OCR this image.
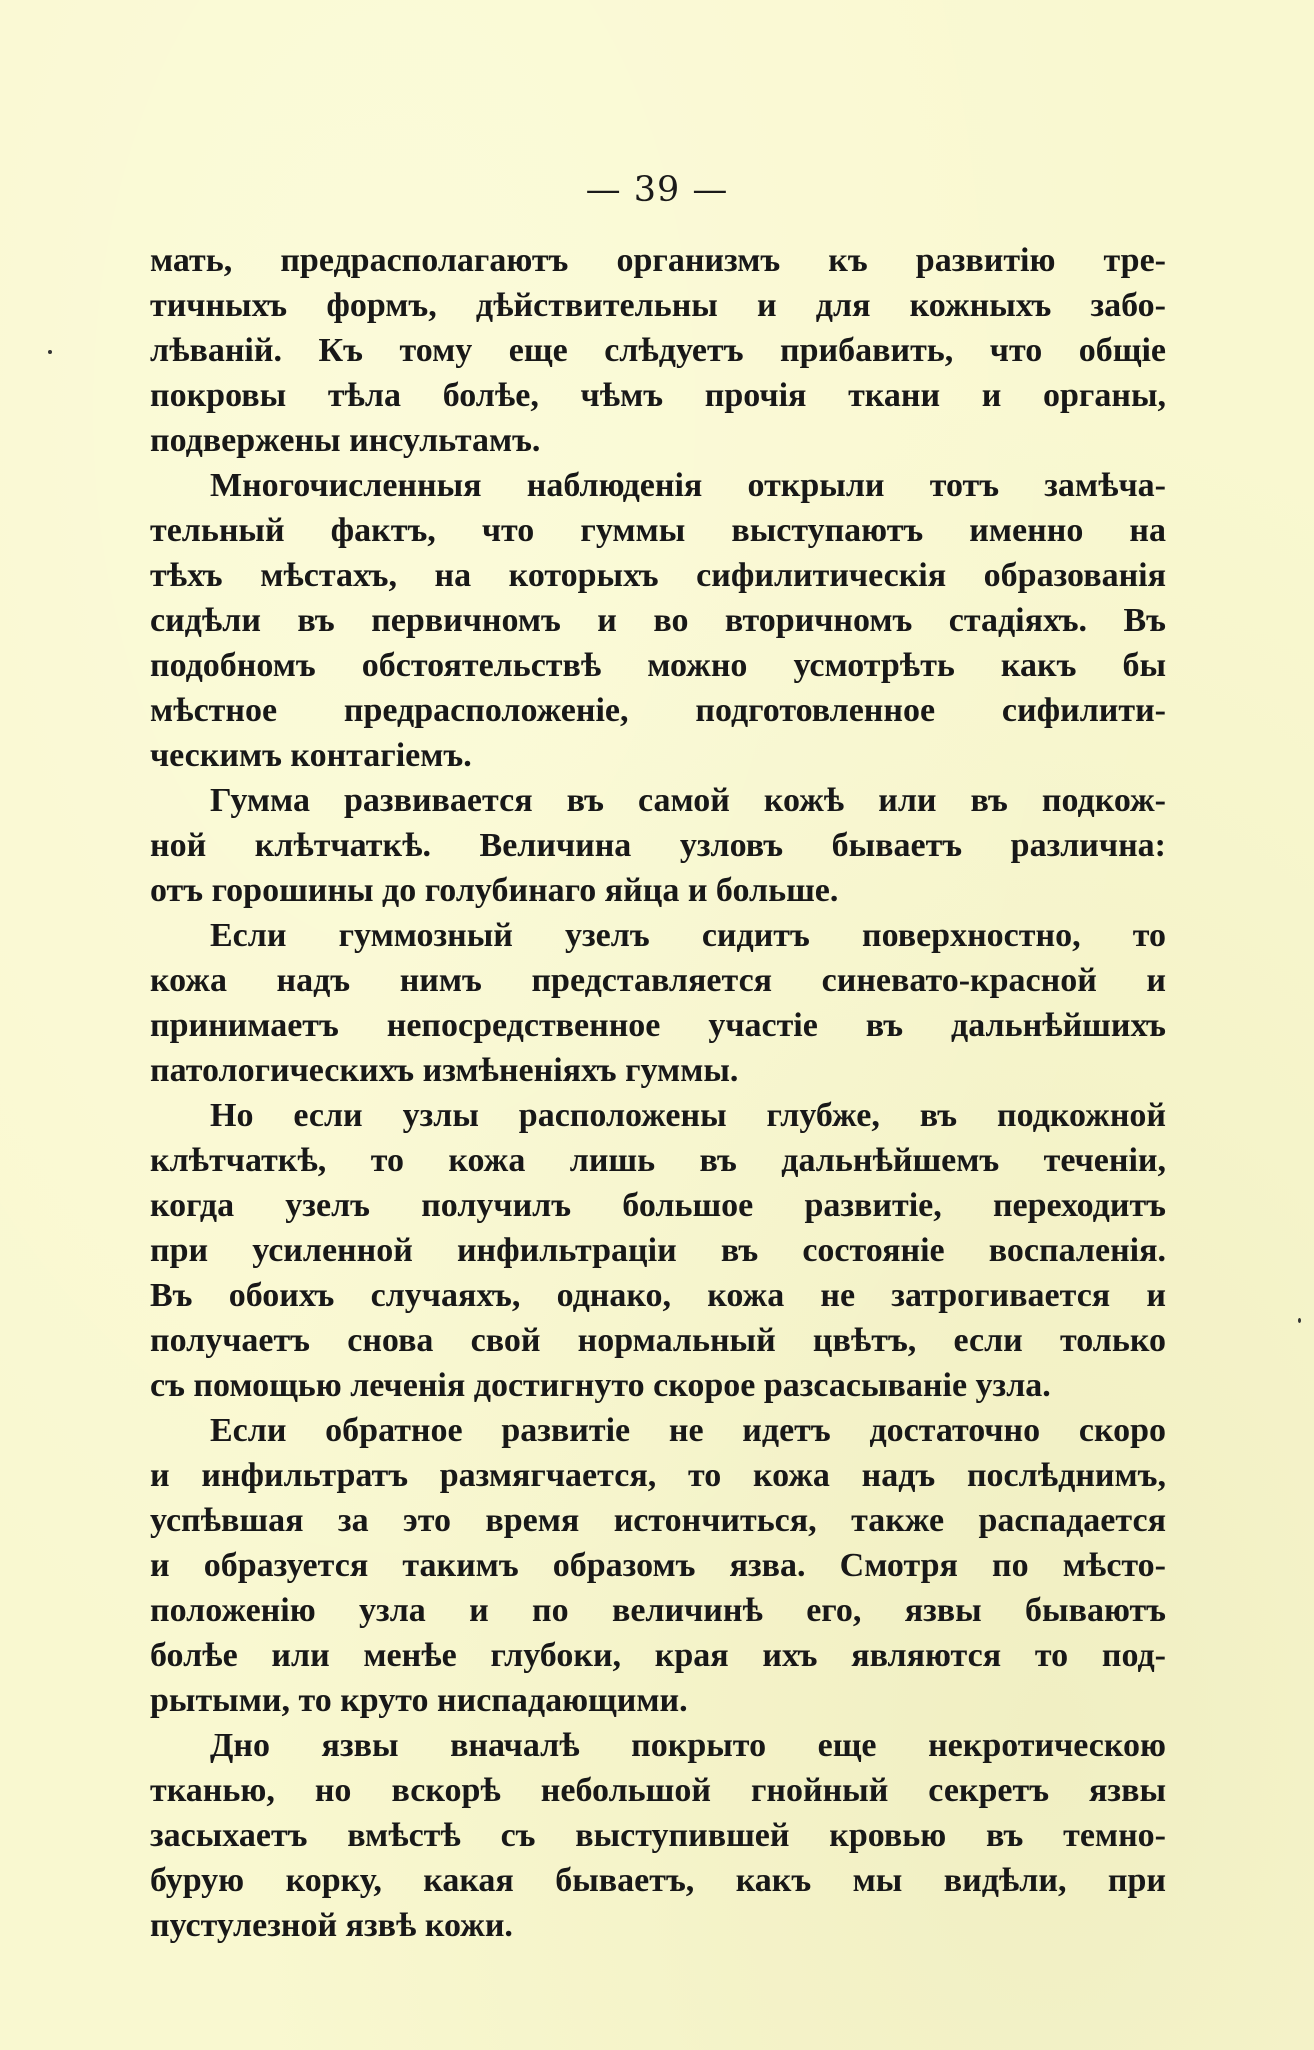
— 39 —
мать, предрасполагаютъ организмъ къ развитію тре-
тичныхъ формъ, дѣйствительны и для кожныхъ забо-
лѣваній. Къ тому еще слѣдуетъ прибавить, что общіе
покровы тѣла болѣе, чѣмъ прочія ткани и органы,
подвержены инсультамъ.
Многочисленныя наблюденія открыли тотъ замѣча-
тельный фактъ, что гуммы выступаютъ именно на
тѣхъ мѣстахъ, на которыхъ сифилитическія образованія
сидѣли въ первичномъ и во вторичномъ стадіяхъ. Въ
подобномъ обстоятельствѣ можно усмотрѣть какъ бы
мѣстное предрасположеніе, подготовленное сифилити-
ческимъ контагіемъ.
Гумма развивается въ самой кожѣ или въ подкож-
ной клѣтчаткѣ. Величина узловъ бываетъ различна:
отъ горошины до голубинаго яйца и больше.
Если гуммозный узелъ сидитъ поверхностно, то
кожа надъ нимъ представляется синевато-красной и
принимаетъ непосредственное участіе въ дальнѣйшихъ
патологическихъ измѣненіяхъ гуммы.
Но если узлы расположены глубже, въ подкожной
клѣтчаткѣ, то кожа лишь въ дальнѣйшемъ теченіи,
когда узелъ получилъ большое развитіе, переходитъ
при усиленной инфильтраціи въ состояніе воспаленія.
Въ обоихъ случаяхъ, однако, кожа не затрогивается и
получаетъ снова свой нормальный цвѣтъ, если только
съ помощью леченія достигнуто скорое разсасываніе узла.
Если обратное развитіе не идетъ достаточно скоро
и инфильтратъ размягчается, то кожа надъ послѣднимъ,
успѣвшая за это время истончиться, также распадается
и образуется такимъ образомъ язва. Смотря по мѣсто-
положенію узла и по величинѣ его, язвы бываютъ
болѣе или менѣе глубоки, края ихъ являются то под-
рытыми, то круто ниспадающими.
Дно язвы вначалѣ покрыто еще некротическою
тканью, но вскорѣ небольшой гнойный секретъ язвы
засыхаетъ вмѣстѣ съ выступившей кровью въ темно-
бурую корку, какая бываетъ, какъ мы видѣли, при
пустулезной язвѣ кожи.
